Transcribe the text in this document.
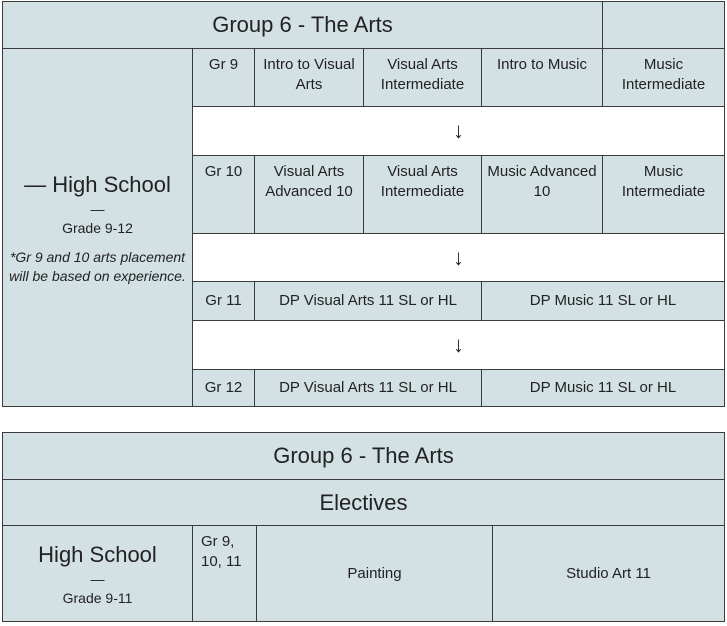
Group 6 - The Arts					

— High School
—
Grade 9-12
*Gr 9 and 10 arts placement will be based on experience.	Gr 9	Intro to Visual Arts	Visual Arts Intermediate	Intro to Music	Music Intermediate
	↓				
	Gr 10	Visual Arts Advanced 10	Visual Arts Intermediate	Music Advanced 10	Music Intermediate
	↓				
	Gr 11	DP Visual Arts 11 SL or HL		DP Music 11 SL or HL	
	↓				
	Gr 12	DP Visual Arts 11 SL or HL		DP Music 11 SL or HL	
Group 6 - The Arts
Electives

High School
—
Grade 9-11
	Gr 9, 10, 11	Painting	Studio Art 11
